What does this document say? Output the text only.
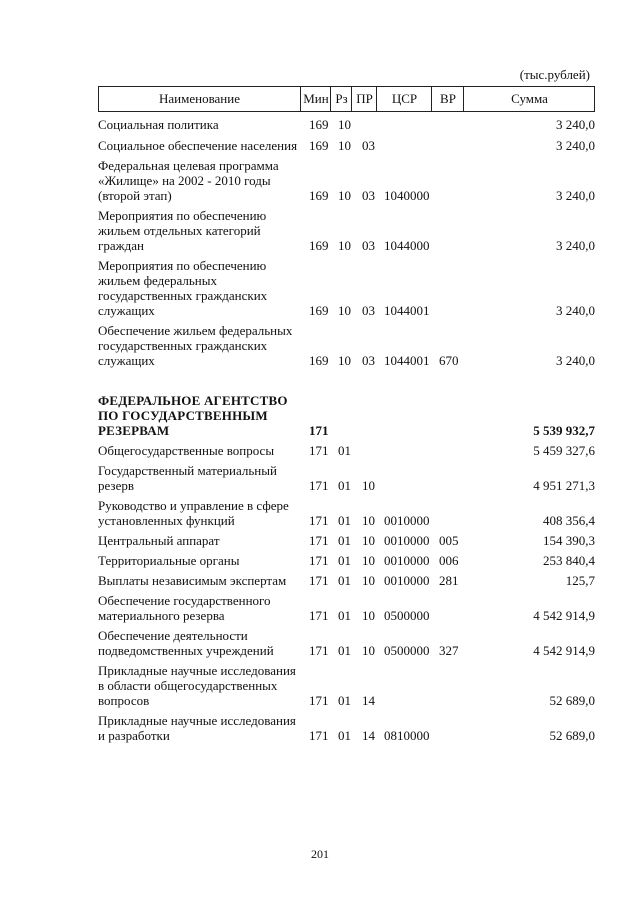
(тыс.рублей)
Наименование	Мин Рз ПР	ЦСР	ВР	Сумма
Социальная политика	169 10	3 240,0
Социальное обеспечение населения 169 10 03	3 240,0
Федеральная целевая программа «Жилище» на 2002 - 2010 годы (второй этап)	169 10 03 1040000	3 240,0
Мероприятия по обеспечению жильем отдельных категорий граждан	169 10 03 1044000	3 240,0
Мероприятия по обеспечению жильем федеральных государственных гражданских служащих	169 10 03 1044001	3 240,0
Обеспечение жильем федеральных государственных гражданских служащих	169 10 03 1044001 670	3 240,0
ФЕДЕРАЛЬНОЕ АГЕНТСТВО ПО ГОСУДАРСТВЕННЫМ РЕЗЕРВАМ	171	5 539 932,7
Общегосударственные вопросы	171 01	5 459 327,6
Государственный материальный резерв	171 01 10	4 951 271,3
Руководство и управление в сфере установленных функций	171 01 10 0010000	408 356,4
Центральный аппарат	171 01 10 0010000 005	154 390,3
Территориальные органы	171 01 10 0010000 006	253 840,4
Выплаты независимым экспертам	171 01 10 0010000 281	125,7
Обеспечение государственного материального резерва	171 01 10 0500000	4 542 914,9
Обеспечение деятельности подведомственных учреждений	171 01 10 0500000 327	4 542 914,9
Прикладные научные исследования в области общегосударственных вопросов	171 01 14	52 689,0
Прикладные научные исследования и разработки	171 01 14 0810000	52 689,0
201
